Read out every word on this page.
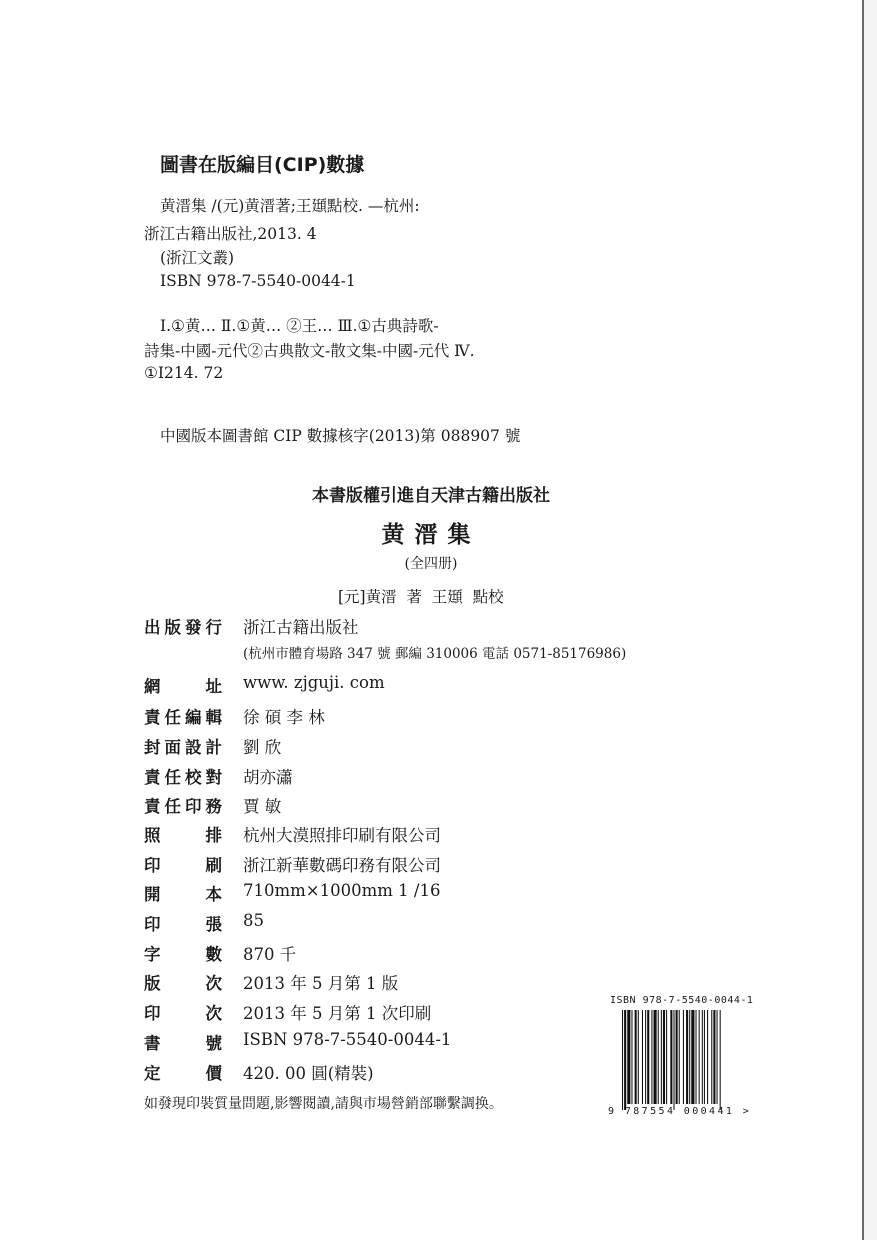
圖書在版編目(CIP)數據
黄溍集 /(元)黄溍著;王頲點校. —杭州:
浙江古籍出版社,2013. 4
(浙江文叢)
ISBN 978-7-5540-0044-1
Ⅰ.①黄… Ⅱ.①黄… ②王… Ⅲ.①古典詩歌-
詩集-中國-元代②古典散文-散文集-中國-元代 Ⅳ.
①I214. 72
中國版本圖書館 CIP 數據核字(2013)第 088907 號
本書版權引進自天津古籍出版社
黄溍集
(全四册)
[元]黄溍  著  王頲  點校
出版發行 浙江古籍出版社
(杭州市體育場路 347 號 郵編 310006 電話 0571-85176986)
網址 www. zjguji. com
責任編輯 徐 碩 李 林
封面設計 劉 欣
責任校對 胡亦瀟
責任印務 賈 敏
照排 杭州大漠照排印刷有限公司
印刷 浙江新華數碼印務有限公司
開本 710mm×1000mm 1 /16
印張 85
字數 870 千
版次 2013 年 5 月第 1 版
印次 2013 年 5 月第 1 次印刷
書號 ISBN 978-7-5540-0044-1
定價 420. 00 圓(精裝)
如發現印裝質量問題,影響閱讀,請與市場營銷部聯繫調换。
ISBN 978-7-5540-0044-1
9 787554 000441 >
